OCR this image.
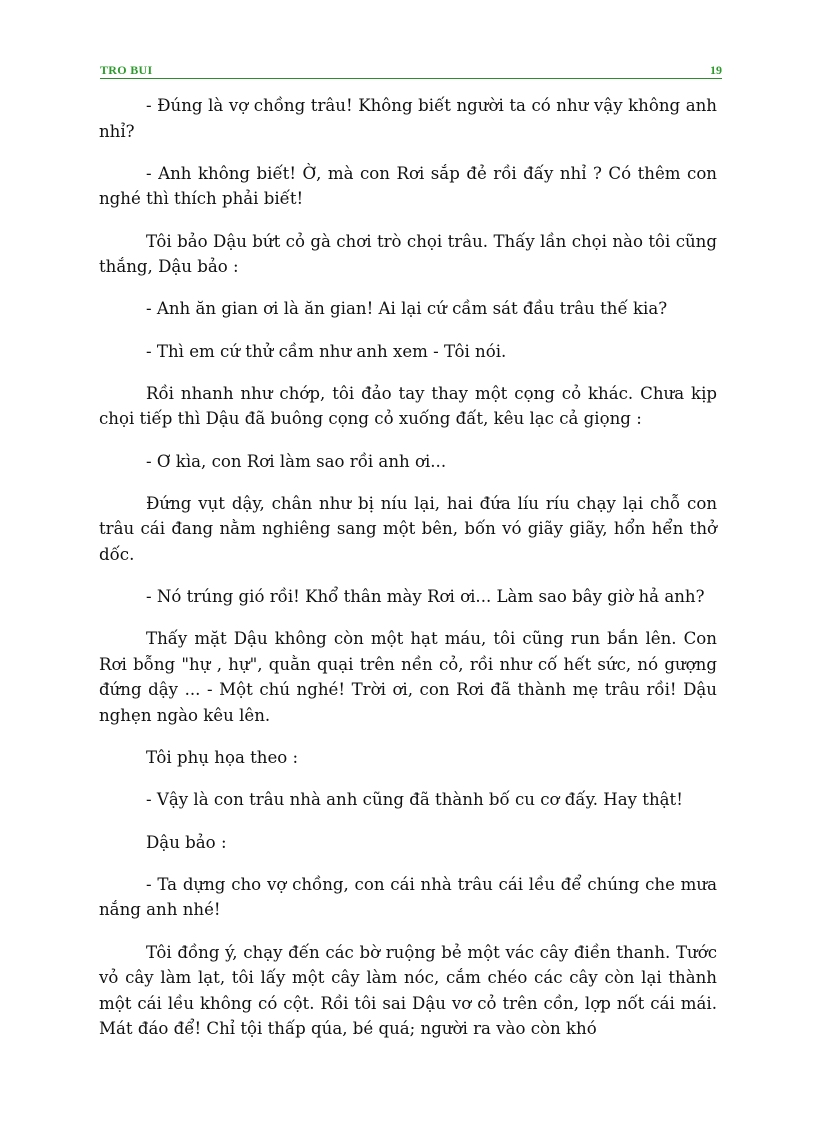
TRO BUI	19

- Đúng là vợ chồng trâu! Không biết người ta có như vậy không anh nhỉ?

- Anh không biết! Ờ, mà con Rơi sắp đẻ rồi đấy nhỉ ? Có thêm con nghé thì thích phải biết!

Tôi bảo Dậu bứt cỏ gà chơi trò chọi trâu. Thấy lần chọi nào tôi cũng thắng, Dậu bảo :

- Anh ăn gian ơi là ăn gian! Ai lại cứ cầm sát đầu trâu thế kia?

- Thì em cứ thử cầm như anh xem - Tôi nói.

Rồi nhanh như chớp, tôi đảo tay thay một cọng cỏ khác. Chưa kịp chọi tiếp thì Dậu đã buông cọng cỏ xuống đất, kêu lạc cả giọng :

- Ơ kìa, con Rơi làm sao rồi anh ơi...

Đứng vụt dậy, chân như bị níu lại, hai đứa líu ríu chạy lại chỗ con trâu cái đang nằm nghiêng sang một bên, bốn vó giãy giãy, hổn hển thở dốc.

- Nó trúng gió rồi! Khổ thân mày Rơi ơi... Làm sao bây giờ hả anh?

Thấy mặt Dậu không còn một hạt máu, tôi cũng run bắn lên. Con Rơi bỗng "hự , hự", quằn quại trên nền cỏ, rồi như cố hết sức, nó gượng đứng dậy ... - Một chú nghé! Trời ơi, con Rơi đã thành mẹ trâu rồi! Dậu nghẹn ngào kêu lên.

Tôi phụ họa theo :

- Vậy là con trâu nhà anh cũng đã thành bố cu cơ đấy. Hay thật!

Dậu bảo :

- Ta dựng cho vợ chồng, con cái nhà trâu cái lều để chúng che mưa nắng anh nhé!

Tôi đồng ý, chạy đến các bờ ruộng bẻ một vác cây điền thanh. Tước vỏ cây làm lạt, tôi lấy một cây làm nóc, cắm chéo các cây còn lại thành một cái lều không có cột. Rồi tôi sai Dậu vơ cỏ trên cồn, lợp nốt cái mái. Mát đáo để! Chỉ tội thấp qúa, bé quá; người ra vào còn khó
